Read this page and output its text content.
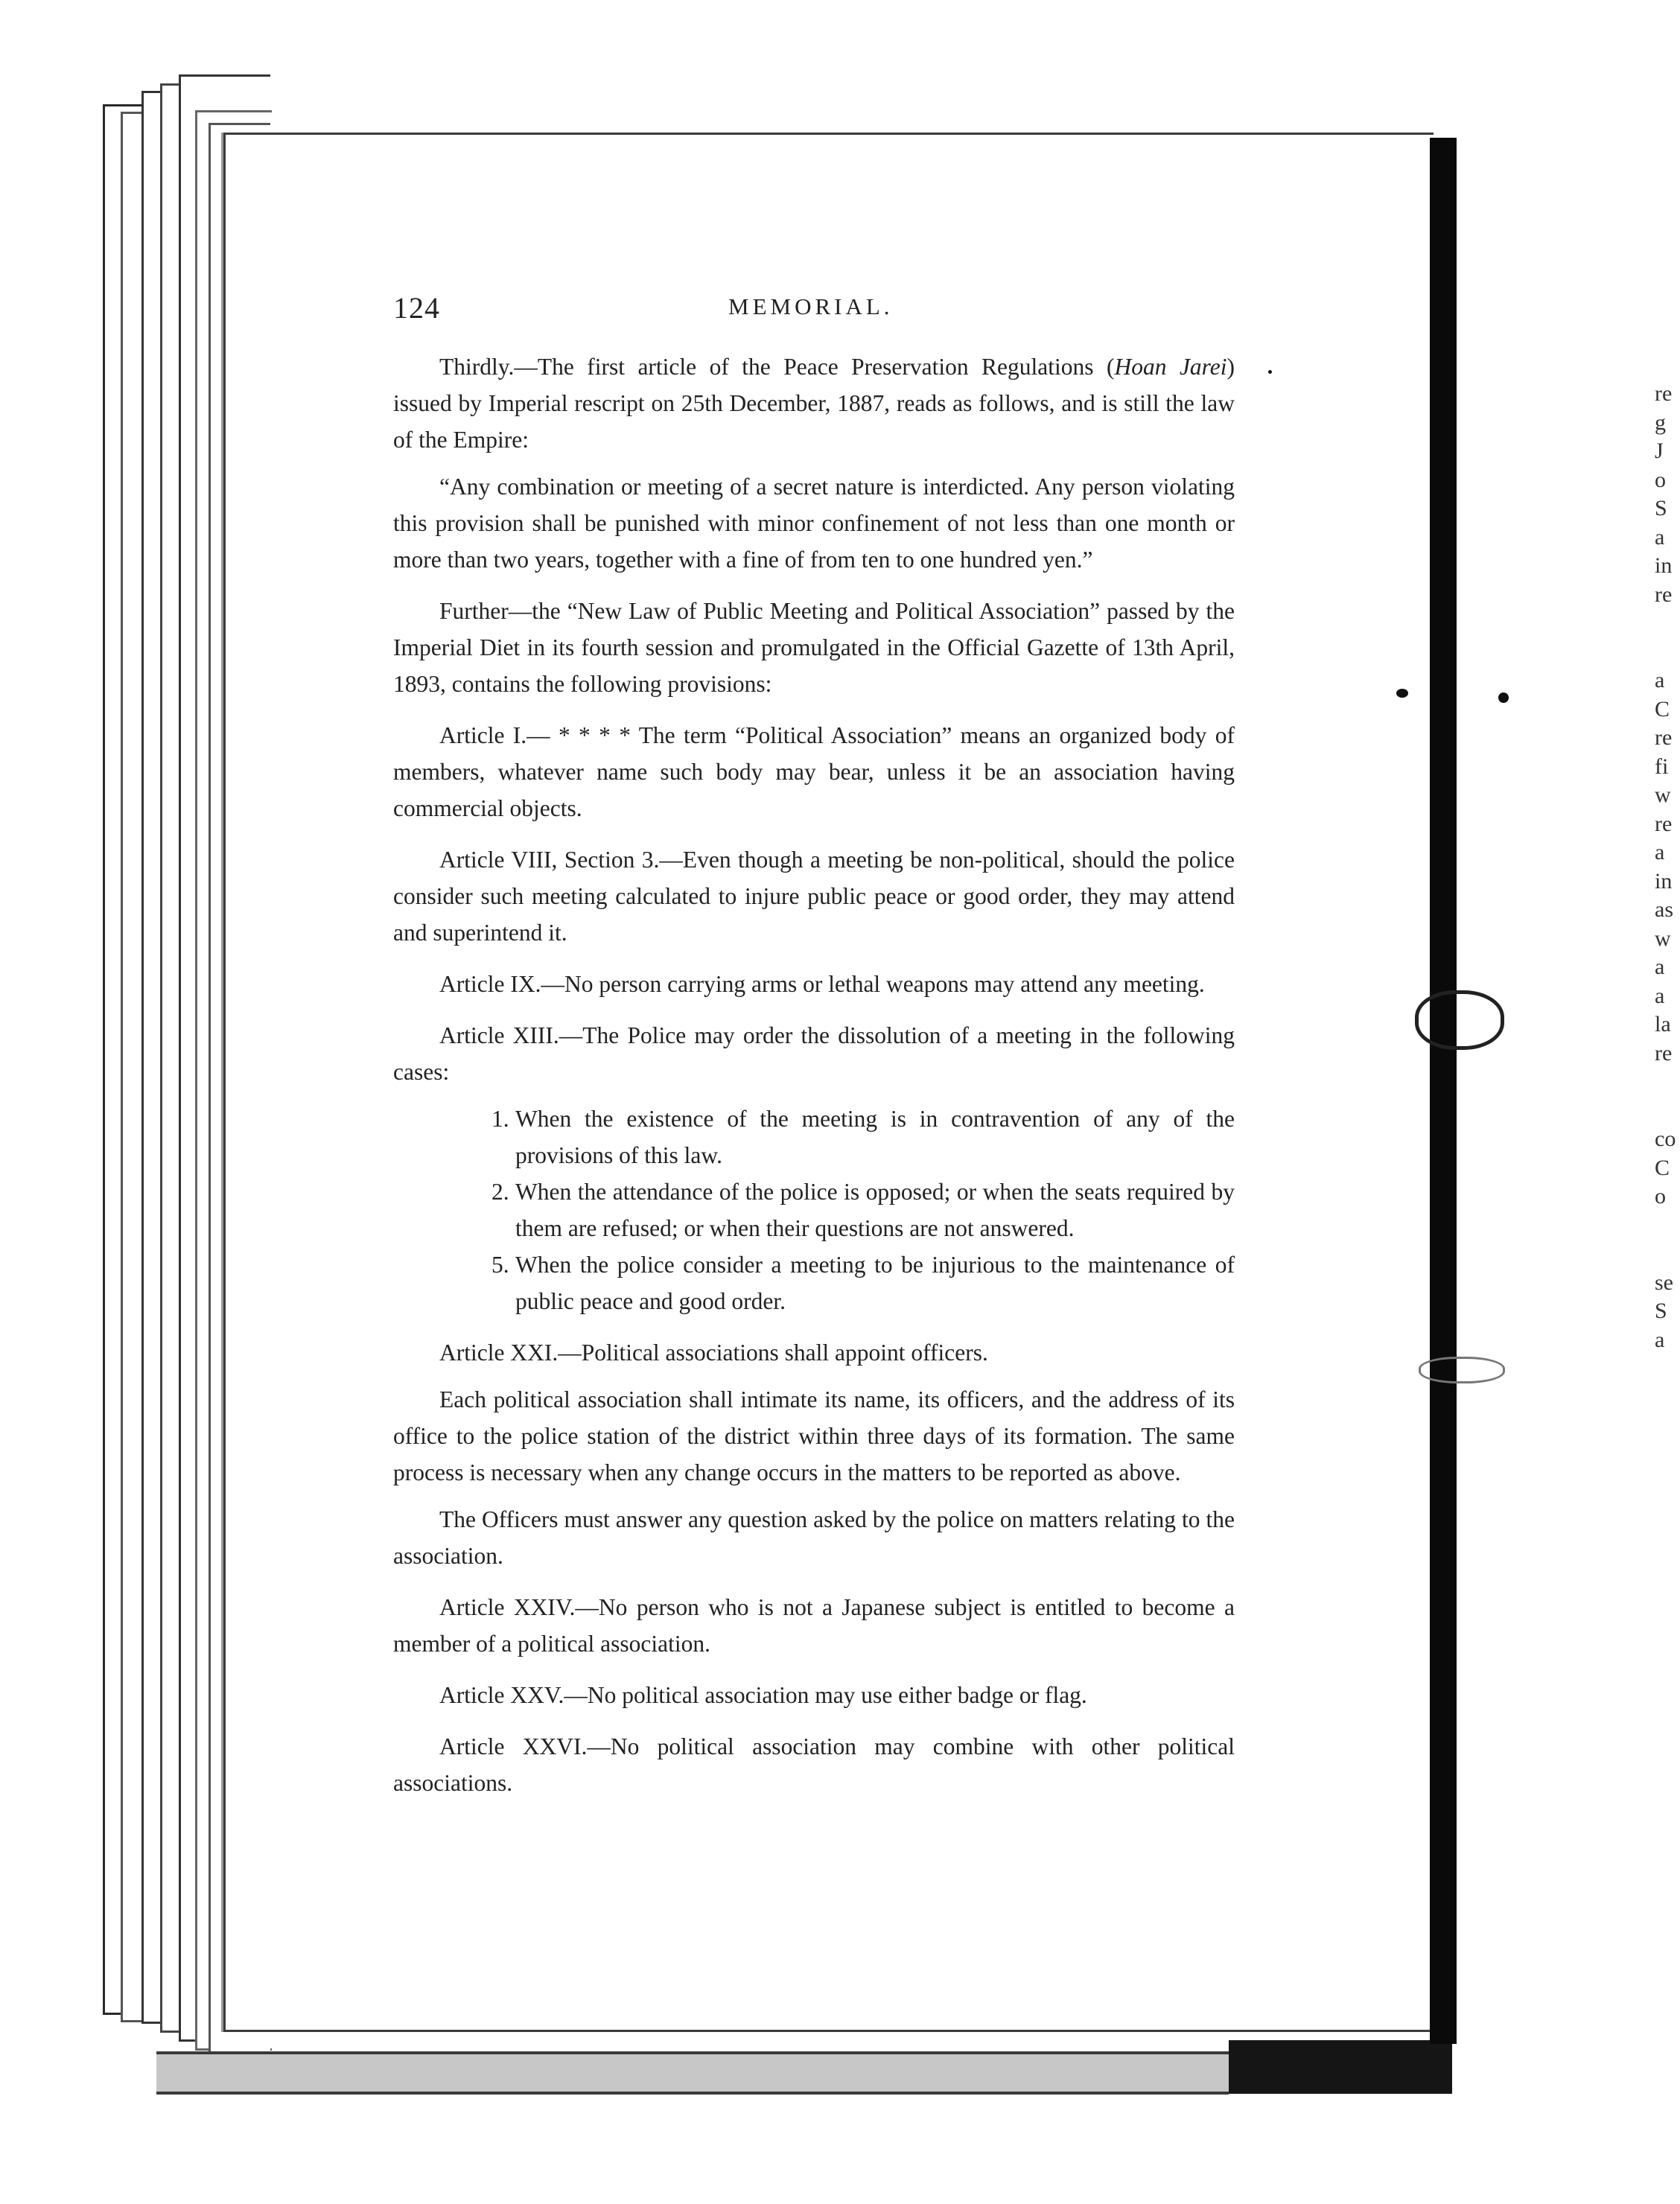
124	MEMORIAL.

Thirdly.—The first article of the Peace Preservation Regulations (Hoan Jarei) issued by Imperial rescript on 25th December, 1887, reads as follows, and is still the law of the Empire:

“Any combination or meeting of a secret nature is interdicted. Any person violating this provision shall be punished with minor confinement of not less than one month or more than two years, together with a fine of from ten to one hundred yen.”

Further—the “New Law of Public Meeting and Political Association” passed by the Imperial Diet in its fourth session and promulgated in the Official Gazette of 13th April, 1893, contains the following provisions:

Article I.— * * * * The term “Political Association” means an organized body of members, whatever name such body may bear, unless it be an association having commercial objects.

Article VIII, Section 3.—Even though a meeting be non-political, should the police consider such meeting calculated to injure public peace or good order, they may attend and superintend it.

Article IX.—No person carrying arms or lethal weapons may attend any meeting.

Article XIII.—The Police may order the dissolution of a meeting in the following cases:

1. When the existence of the meeting is in contravention of any of the provisions of this law.
2. When the attendance of the police is opposed; or when the seats required by them are refused; or when their questions are not answered.
5. When the police consider a meeting to be injurious to the maintenance of public peace and good order.

Article XXI.—Political associations shall appoint officers.

Each political association shall intimate its name, its officers, and the address of its office to the police station of the district within three days of its formation. The same process is necessary when any change occurs in the matters to be reported as above.

The Officers must answer any question asked by the police on matters relating to the association.

Article XXIV.—No person who is not a Japanese subject is entitled to become a member of a political association.

Article XXV.—No political association may use either badge or flag.

Article XXVI.—No political association may combine with other political associations.

re
g
J
o
S
a
in
re
a
C
re
fi
w
re
a
in
as
w
a
a
la
re
co
C
o
se
S
a
